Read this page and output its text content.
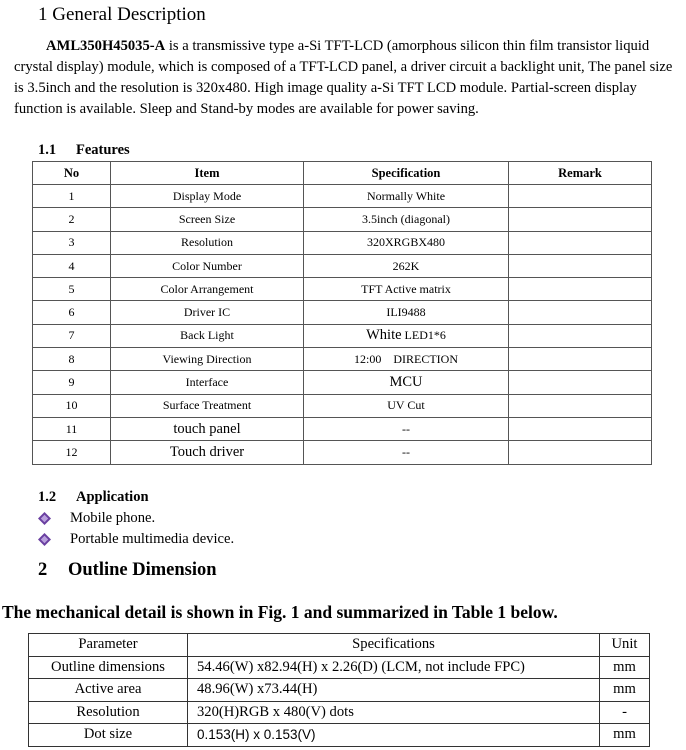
1 General Description

AML350H45035-A is a transmissive type a-Si TFT-LCD (amorphous silicon thin film transistor liquid crystal display) module, which is composed of a TFT-LCD panel, a driver circuit a backlight unit, The panel size is 3.5inch and the resolution is 320x480. High image quality a-Si TFT LCD module. Partial-screen display function is available. Sleep and Stand-by modes are available for power saving.

1.1 Features
No	Item	Specification	Remark
1	Display Mode	Normally White	
2	Screen Size	3.5inch (diagonal)	
3	Resolution	320XRGBX480	
4	Color Number	262K	
5	Color Arrangement	TFT Active matrix	
6	Driver IC	ILI9488	
7	Back Light	White LED1*6	
8	Viewing Direction	12:00    DIRECTION	
9	Interface	MCU	
10	Surface Treatment	UV Cut	
11	touch panel	--	
12	Touch driver	--	
1.2 Application
Mobile phone.
Portable multimedia device.
2 Outline Dimension
The mechanical detail is shown in Fig. 1 and summarized in Table 1 below.
Parameter	Specifications	Unit
Outline dimensions	54.46(W) x82.94(H) x 2.26(D) (LCM, not include FPC)	mm
Active area	48.96(W) x73.44(H)	mm
Resolution	320(H)RGB x 480(V) dots	-
Dot size	0.153(H) x 0.153(V)	mm
